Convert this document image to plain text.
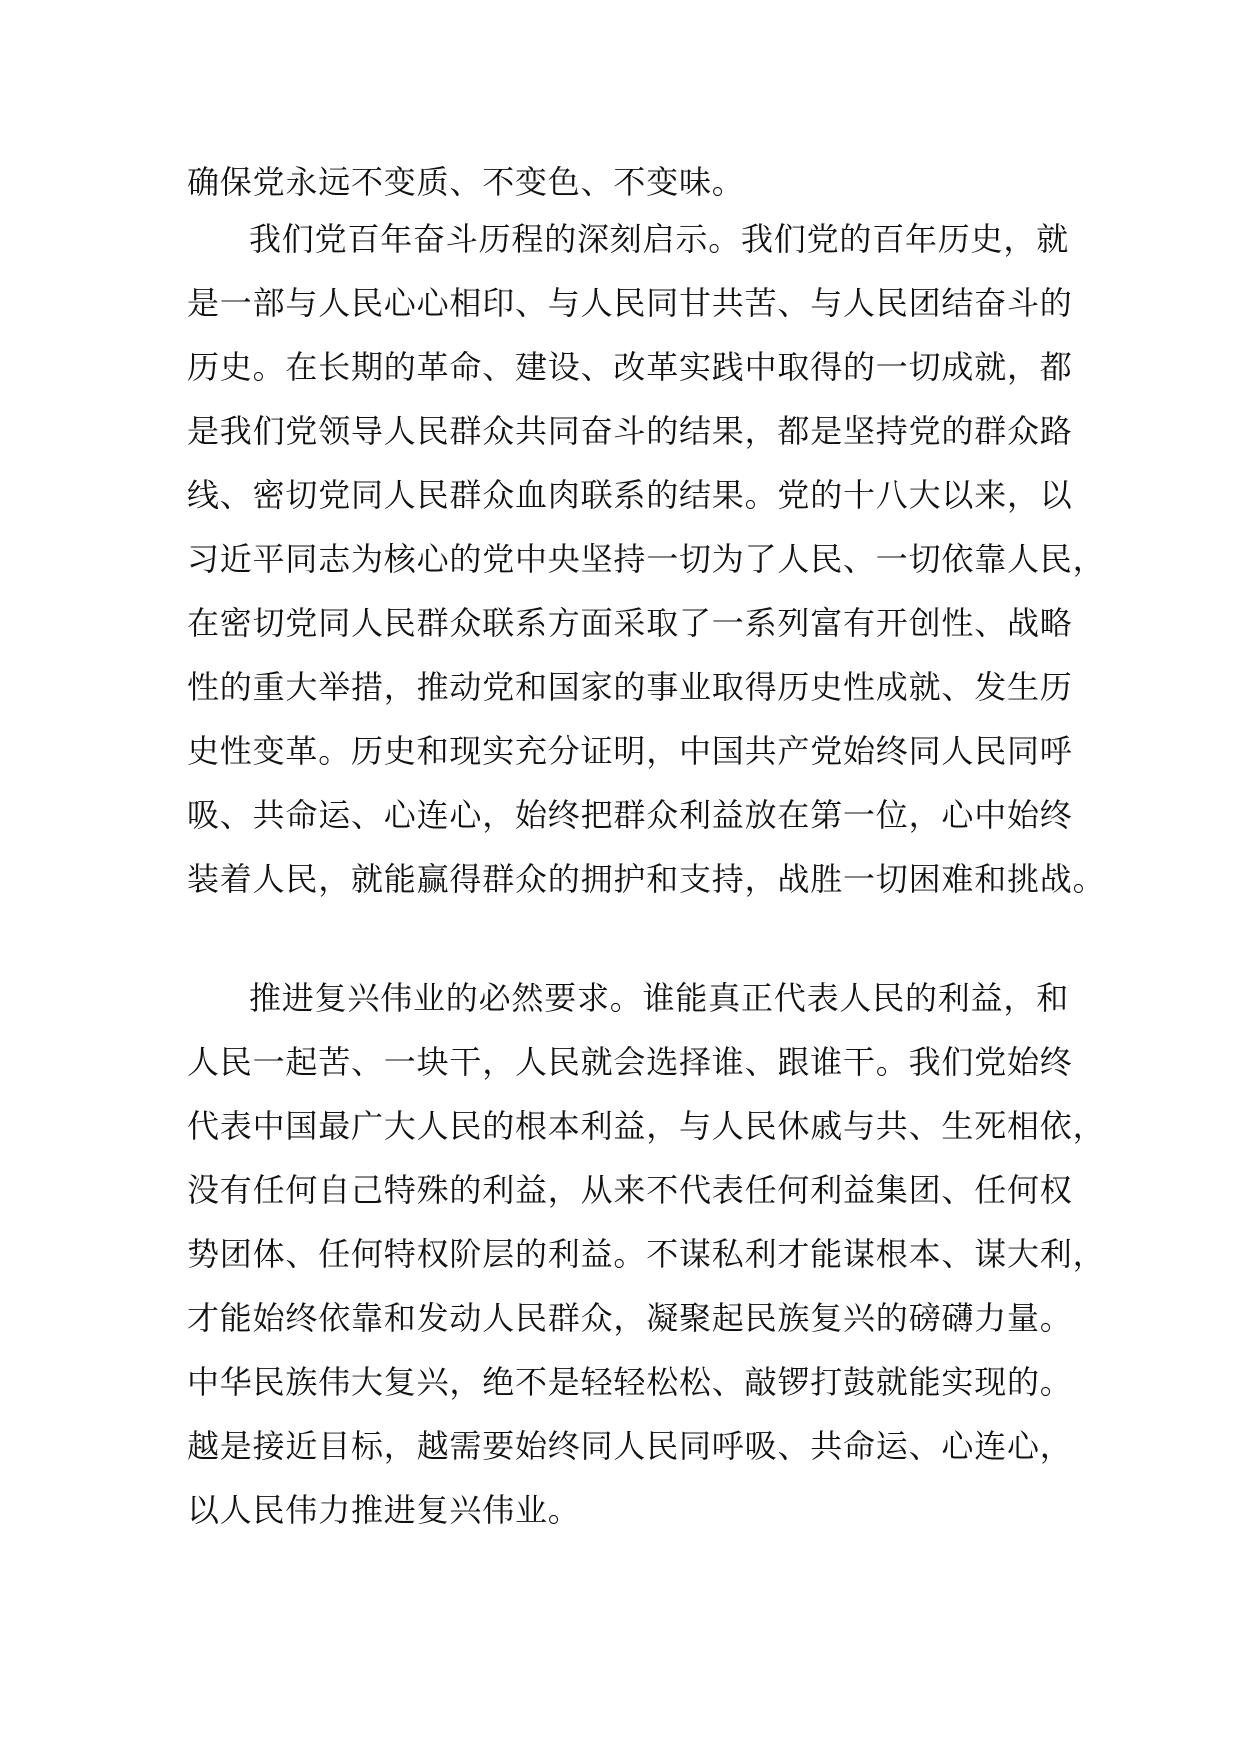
确保党永远不变质、不变色、不变味。

我们党百年奋斗历程的深刻启示。我们党的百年历史，就
是一部与人民心心相印、与人民同甘共苦、与人民团结奋斗的
历史。在长期的革命、建设、改革实践中取得的一切成就，都
是我们党领导人民群众共同奋斗的结果，都是坚持党的群众路
线、密切党同人民群众血肉联系的结果。党的十八大以来，以
习近平同志为核心的党中央坚持一切为了人民、一切依靠人民，
在密切党同人民群众联系方面采取了一系列富有开创性、战略
性的重大举措，推动党和国家的事业取得历史性成就、发生历
史性变革。历史和现实充分证明，中国共产党始终同人民同呼
吸、共命运、心连心，始终把群众利益放在第一位，心中始终
装着人民，就能赢得群众的拥护和支持，战胜一切困难和挑战。

推进复兴伟业的必然要求。谁能真正代表人民的利益，和
人民一起苦、一块干，人民就会选择谁、跟谁干。我们党始终
代表中国最广大人民的根本利益，与人民休戚与共、生死相依，
没有任何自己特殊的利益，从来不代表任何利益集团、任何权
势团体、任何特权阶层的利益。不谋私利才能谋根本、谋大利，
才能始终依靠和发动人民群众，凝聚起民族复兴的磅礴力量。
中华民族伟大复兴，绝不是轻轻松松、敲锣打鼓就能实现的。
越是接近目标，越需要始终同人民同呼吸、共命运、心连心，
以人民伟力推进复兴伟业。
